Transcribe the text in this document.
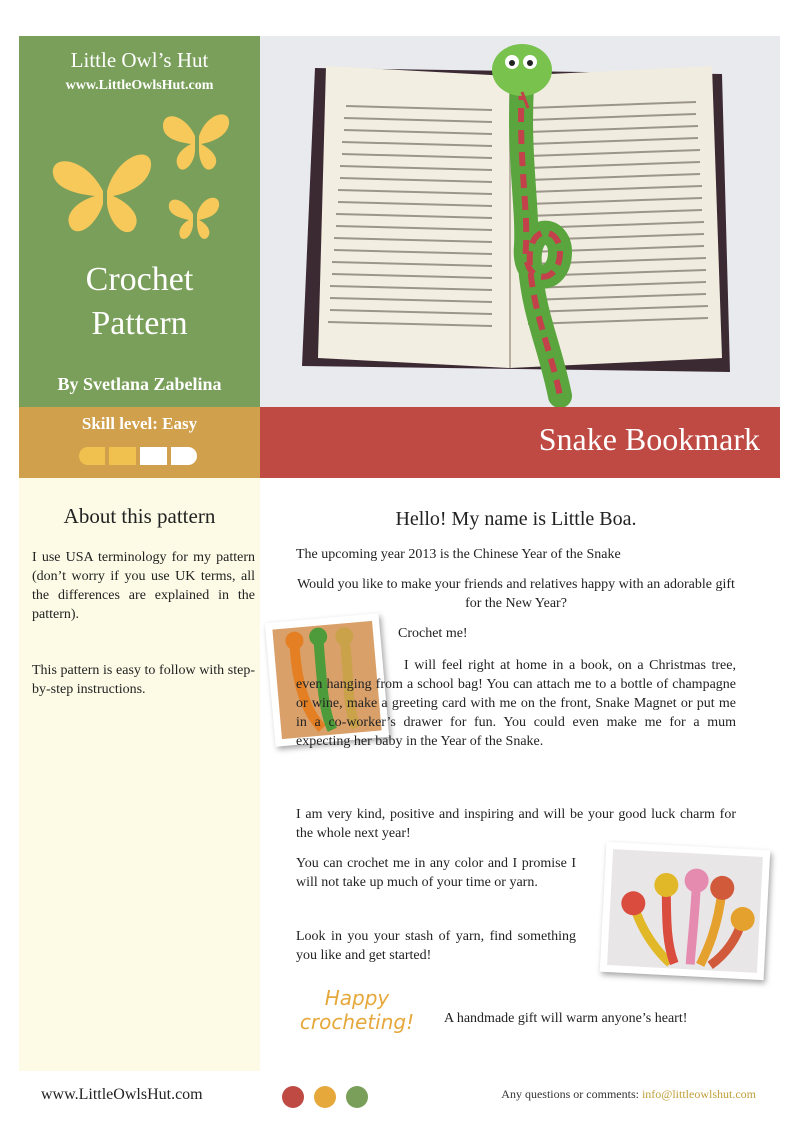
Little Owl’s Hut
www.LittleOwlsHut.com
Crochet
Pattern
By Svetlana Zabelina
Skill level: Easy	Snake Bookmark
About this pattern

I use USA terminology for my pattern (don’t worry if you use UK terms, all the differences are explained in the pattern).

This pattern is easy to follow with step-by-step instructions.

Hello! My name is Little Boa.

The upcoming year 2013 is the Chinese Year of the Snake

Would you like to make your friends and relatives happy with an adorable gift for the New Year?

Crochet me!

I will feel right at home in a book, on a Christmas tree, even hanging from a school bag! You can attach me to a bottle of champagne or wine, make a greeting card with me on the front, Snake Magnet or put me in a co-worker’s drawer for fun. You could even make me for a mum expecting her baby in the Year of the Snake.

I am very kind, positive and inspiring and will be your good luck charm for the whole next year!

You can crochet me in any color and I promise I will not take up much of your time or yarn.

Look in you your stash of yarn, find something you like and get started!

Happy
crocheting!	A handmade gift will warm anyone’s heart!

www.LittleOwlsHut.com	Any questions or comments: info@littleowlshut.com
